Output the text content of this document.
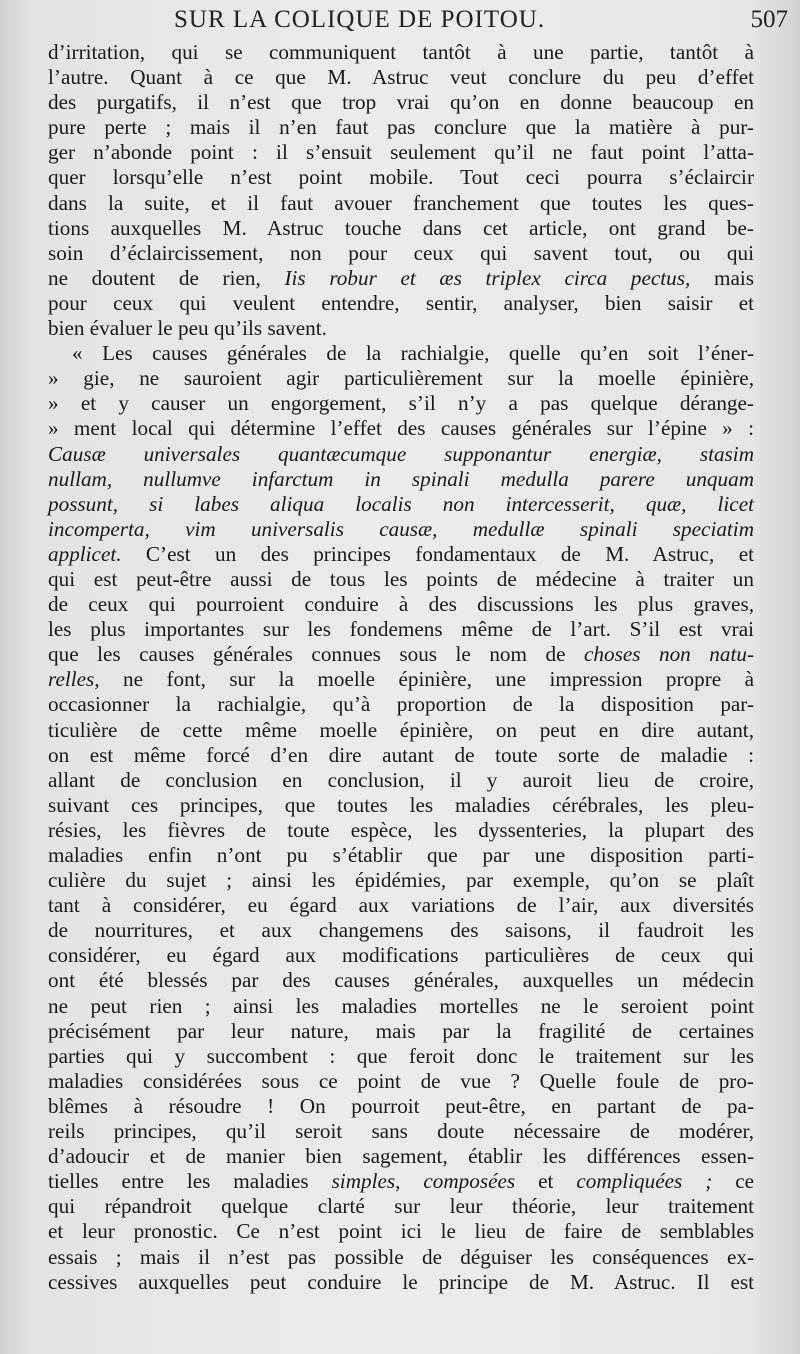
SUR LA COLIQUE DE POITOU.	507
d’irritation, qui se communiquent tantôt à une partie, tantôt à
l’autre. Quant à ce que M. Astruc veut conclure du peu d’effet
des purgatifs, il n’est que trop vrai qu’on en donne beaucoup en
pure perte ; mais il n’en faut pas conclure que la matière à pur-
ger n’abonde point : il s’ensuit seulement qu’il ne faut point l’atta-
quer lorsqu’elle n’est point mobile. Tout ceci pourra s’éclaircir
dans la suite, et il faut avouer franchement que toutes les ques-
tions auxquelles M. Astruc touche dans cet article, ont grand be-
soin d’éclaircissement, non pour ceux qui savent tout, ou qui
ne doutent de rien, Iis robur et æs triplex circa pectus, mais
pour ceux qui veulent entendre, sentir, analyser, bien saisir et
bien évaluer le peu qu’ils savent.
« Les causes générales de la rachialgie, quelle qu’en soit l’éner-
» gie, ne sauroient agir particulièrement sur la moelle épinière,
» et y causer un engorgement, s’il n’y a pas quelque dérange-
» ment local qui détermine l’effet des causes générales sur l’épine » :
Causæ universales quantæcumque supponantur energiæ, stasim
nullam, nullumve infarctum in spinali medulla parere unquam
possunt, si labes aliqua localis non intercesserit, quæ, licet
incomperta, vim universalis causæ, medullæ spinali speciatim
applicet. C’est un des principes fondamentaux de M. Astruc, et
qui est peut-être aussi de tous les points de médecine à traiter un
de ceux qui pourroient conduire à des discussions les plus graves,
les plus importantes sur les fondemens même de l’art. S’il est vrai
que les causes générales connues sous le nom de choses non natu-
relles, ne font, sur la moelle épinière, une impression propre à
occasionner la rachialgie, qu’à proportion de la disposition par-
ticulière de cette même moelle épinière, on peut en dire autant,
on est même forcé d’en dire autant de toute sorte de maladie :
allant de conclusion en conclusion, il y auroit lieu de croire,
suivant ces principes, que toutes les maladies cérébrales, les pleu-
résies, les fièvres de toute espèce, les dyssenteries, la plupart des
maladies enfin n’ont pu s’établir que par une disposition parti-
culière du sujet ; ainsi les épidémies, par exemple, qu’on se plaît
tant à considérer, eu égard aux variations de l’air, aux diversités
de nourritures, et aux changemens des saisons, il faudroit les
considérer, eu égard aux modifications particulières de ceux qui
ont été blessés par des causes générales, auxquelles un médecin
ne peut rien ; ainsi les maladies mortelles ne le seroient point
précisément par leur nature, mais par la fragilité de certaines
parties qui y succombent : que feroit donc le traitement sur les
maladies considérées sous ce point de vue ? Quelle foule de pro-
blêmes à résoudre ! On pourroit peut-être, en partant de pa-
reils principes, qu’il seroit sans doute nécessaire de modérer,
d’adoucir et de manier bien sagement, établir les différences essen-
tielles entre les maladies simples, composées et compliquées ; ce
qui répandroit quelque clarté sur leur théorie, leur traitement
et leur pronostic. Ce n’est point ici le lieu de faire de semblables
essais ; mais il n’est pas possible de déguiser les conséquences ex-
cessives auxquelles peut conduire le principe de M. Astruc. Il est
